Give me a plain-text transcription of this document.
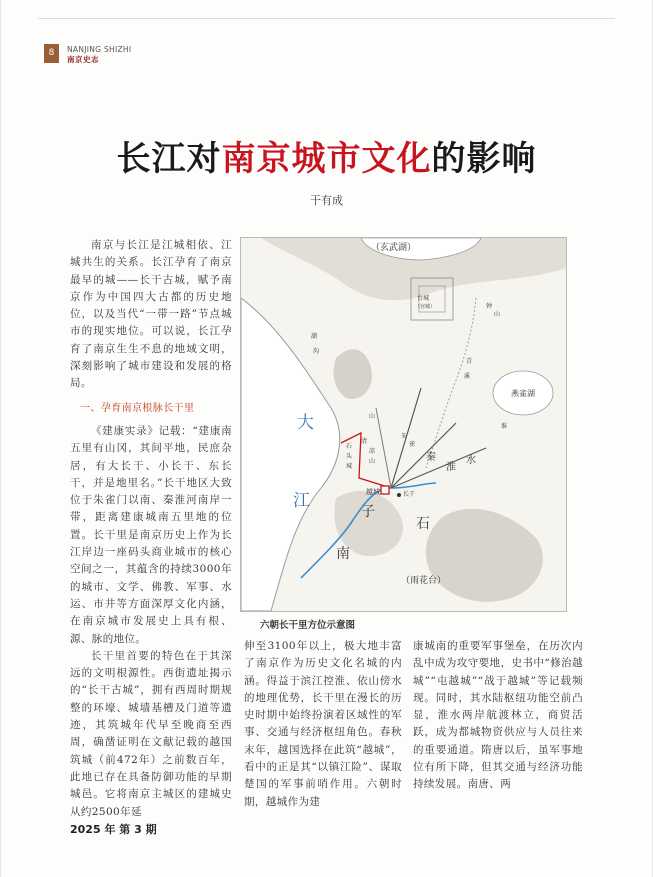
8	NANJING SHIZHI
南京史志
长江对南京城市文化的影响
干有成

南京与长江是江城相依、江城共生的关系。长江孕育了南京最早的城——长干古城，赋予南京作为中国四大古都的历史地位，以及当代“一带一路”节点城市的现实地位。可以说，长江孕育了南京生生不息的地域文明，深刻影响了城市建设和发展的格局。

一、孕育南京根脉长干里

《建康实录》记载：“建康南五里有山冈，其间平地，民庶杂居，有大长干、小长干、东长干，并是地里名。”长干地区大致位于朱雀门以南、秦淮河南岸一带，距离建康城南五里地的位置。长干里是南京历史上作为长江岸边一座码头商业城市的核心空间之一，其蕴含的持续3000年的城市、文学、佛教、军事、水运、市井等方面深厚文化内涵，在南京城市发展史上具有根、源、脉的地位。

长干里首要的特色在于其深远的文明根源性。西街遗址揭示的“长干古城”，拥有西周时期规整的环壕、城墙基槽及门道等遗迹，其筑城年代早至晚商至西周，确凿证明在文献记载的越国筑城（前472年）之前数百年，此地已存在具备防御功能的早期城邑。它将南京主城区的建城史从约2500年延

（玄武湖）
燕雀湖
大
江
子
石
南
秦
淮
水
（雨花台）
台城
（宫城）	钟
山
青
溪
潮
沟
越城	长干
石
头
城
山
清
凉
山
朱
雀
淮
六朝长干里方位示意图

伸至3100年以上，极大地丰富了南京作为历史文化名城的内涵。得益于滨江控淮、依山傍水的地理优势，长干里在漫长的历史时期中始终扮演着区域性的军事、交通与经济枢纽角色。春秋末年，越国选择在此筑“越城”，看中的正是其“以镇江险”、谋取楚国的军事前哨作用。六朝时期，越城作为建

康城南的重要军事堡垒，在历次内乱中成为攻守要地，史书中“修治越城”“屯越城”“战于越城”等记载频现。同时，其水陆枢纽功能空前凸显，淮水两岸航渡林立，商贸活跃，成为都城物资供应与人员往来的重要通道。隋唐以后，虽军事地位有所下降，但其交通与经济功能持续发展。南唐、两

2025 年 第 3 期
